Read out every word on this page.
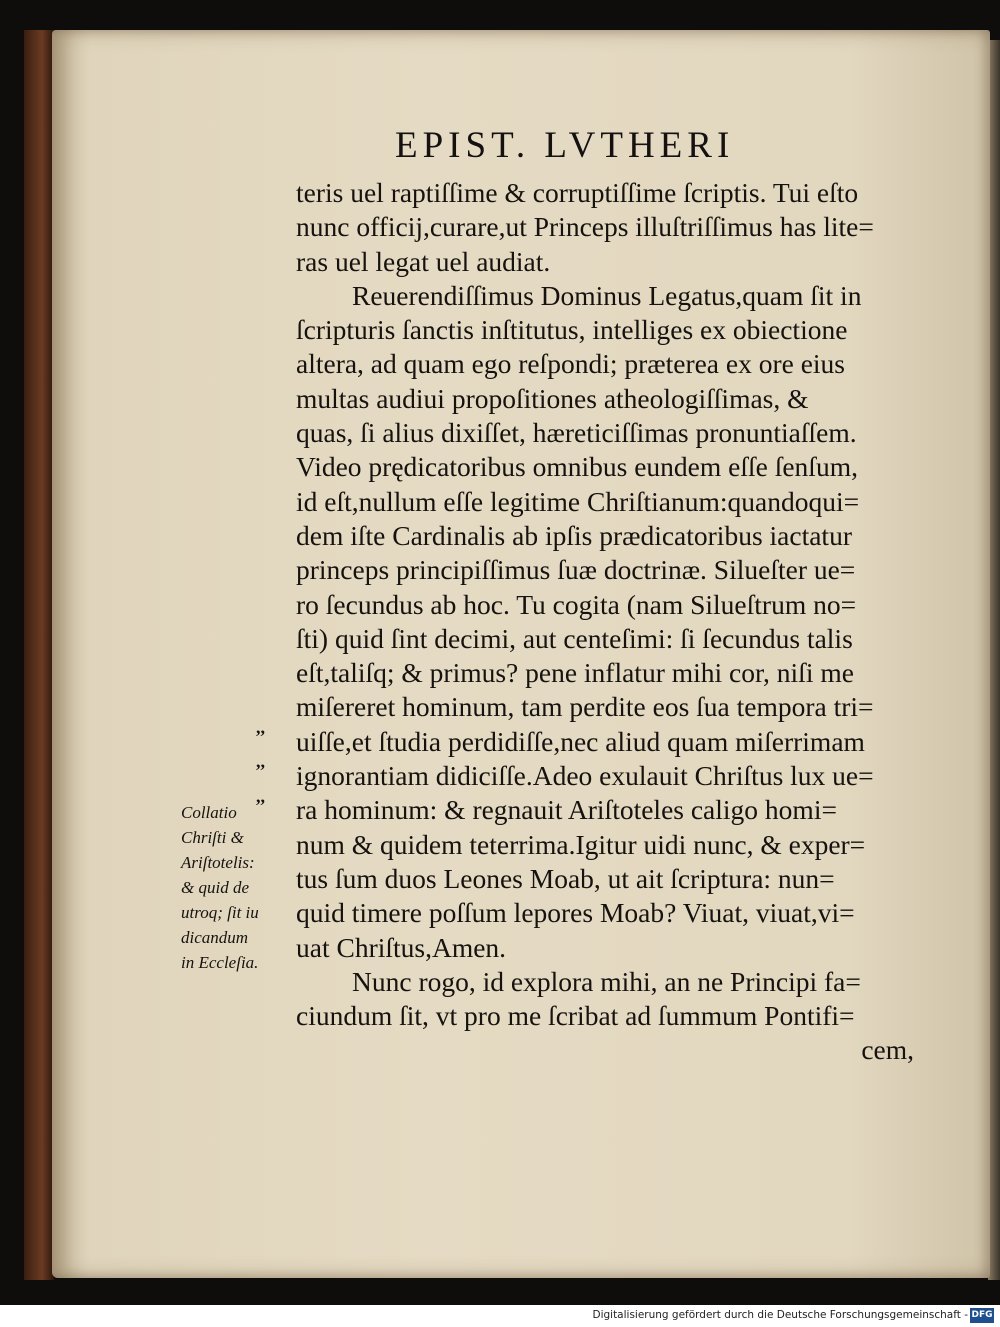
EPIST. LVTHERI
,,
,,
,,
Collatio
Chriſti &
Ariſtotelis:
& quid de
utroq; ſit iu
dicandum
in Eccleſia.
teris uel raptiſſime & corruptiſſime ſcriptis. Tui eſto
nunc officij,curare,ut Princeps illuſtriſſimus has lite=
ras uel legat uel audiat.
Reuerendiſſimus Dominus Legatus,quam ſit in
ſcripturis ſanctis inſtitutus, intelliges ex obiectione
altera, ad quam ego reſpondi; præterea ex ore eius
multas audiui propoſitiones atheologiſſimas, &
quas, ſi alius dixiſſet, hæreticiſſimas pronuntiaſſem.
Video prędicatoribus omnibus eundem eſſe ſenſum,
id eſt,nullum eſſe legitime Chriſtianum:quandoqui=
dem iſte Cardinalis ab ipſis prædicatoribus iactatur
princeps principiſſimus ſuæ doctrinæ. Silueſter ue=
ro ſecundus ab hoc. Tu cogita (nam Silueſtrum no=
ſti) quid ſint decimi, aut centeſimi: ſi ſecundus talis
eſt,taliſq; & primus? pene inflatur mihi cor, niſi me
miſereret hominum, tam perdite eos ſua tempora tri=
uiſſe,et ſtudia perdidiſſe,nec aliud quam miſerrimam
ignorantiam didiciſſe.Adeo exulauit Chriſtus lux ue=
ra hominum: & regnauit Ariſtoteles caligo homi=
num & quidem teterrima.Igitur uidi nunc, & exper=
tus ſum duos Leones Moab, ut ait ſcriptura: nun=
quid timere poſſum lepores Moab? Viuat, viuat,vi=
uat Chriſtus,Amen.
Nunc rogo, id explora mihi, an ne Principi fa=
ciundum ſit, vt pro me ſcribat ad ſummum Pontifi=
cem,
Digitalisierung gefördert durch die Deutsche Forschungsgemeinschaft - DFG
